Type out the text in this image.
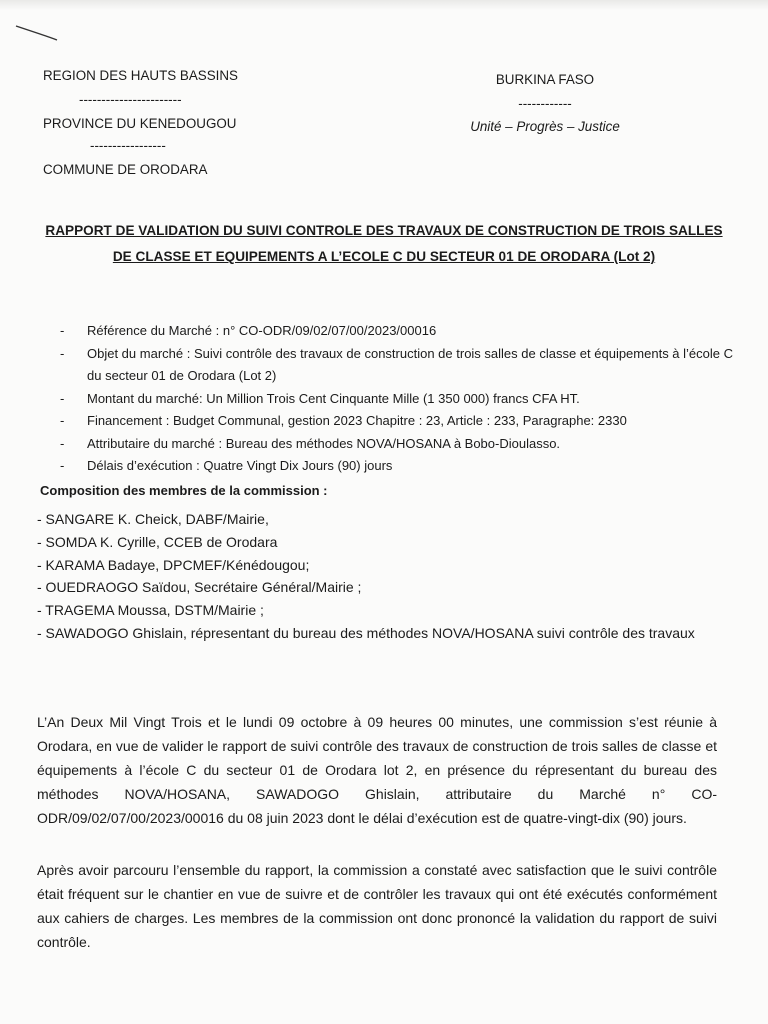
REGION DES HAUTS BASSINS
-----------------------
PROVINCE DU KENEDOUGOU
-----------------
COMMUNE DE ORODARA
BURKINA FASO
------------
Unité – Progrès – Justice
RAPPORT DE VALIDATION DU SUIVI CONTROLE DES TRAVAUX DE CONSTRUCTION DE TROIS SALLES DE CLASSE ET EQUIPEMENTS A L’ECOLE C DU SECTEUR 01 DE ORODARA (Lot 2)
- Référence du Marché : n° CO-ODR/09/02/07/00/2023/00016
- Objet du marché : Suivi contrôle des travaux de construction de trois salles de classe et équipements à l’école C du secteur 01 de Orodara (Lot 2)
- Montant du marché: Un Million Trois Cent Cinquante Mille (1 350 000) francs CFA HT.
- Financement : Budget Communal, gestion 2023 Chapitre : 23, Article : 233, Paragraphe: 2330
- Attributaire du marché : Bureau des méthodes NOVA/HOSANA à Bobo-Dioulasso.
- Délais d’exécution : Quatre Vingt Dix Jours (90) jours
Composition des membres de la commission :
- SANGARE K. Cheick, DABF/Mairie,
- SOMDA K. Cyrille, CCEB de Orodara
- KARAMA Badaye, DPCMEF/Kénédougou;
- OUEDRAOGO Saïdou, Secrétaire Général/Mairie ;
- TRAGEMA Moussa, DSTM/Mairie ;
- SAWADOGO Ghislain, répresentant du bureau des méthodes NOVA/HOSANA suivi contrôle des travaux
L’An Deux Mil Vingt Trois et le lundi 09 octobre à 09 heures 00 minutes, une commission s’est réunie à Orodara, en vue de valider le rapport de suivi contrôle des travaux de construction de trois salles de classe et équipements à l’école C du secteur 01 de Orodara lot 2, en présence du répresentant du bureau des méthodes NOVA/HOSANA, SAWADOGO Ghislain, attributaire du Marché n° CO-ODR/09/02/07/00/2023/00016 du 08 juin 2023 dont le délai d’exécution est de quatre-vingt-dix (90) jours.
Après avoir parcouru l’ensemble du rapport, la commission a constaté avec satisfaction que le suivi contrôle était fréquent sur le chantier en vue de suivre et de contrôler les travaux qui ont été exécutés conformément aux cahiers de charges. Les membres de la commission ont donc prononcé la validation du rapport de suivi contrôle.
